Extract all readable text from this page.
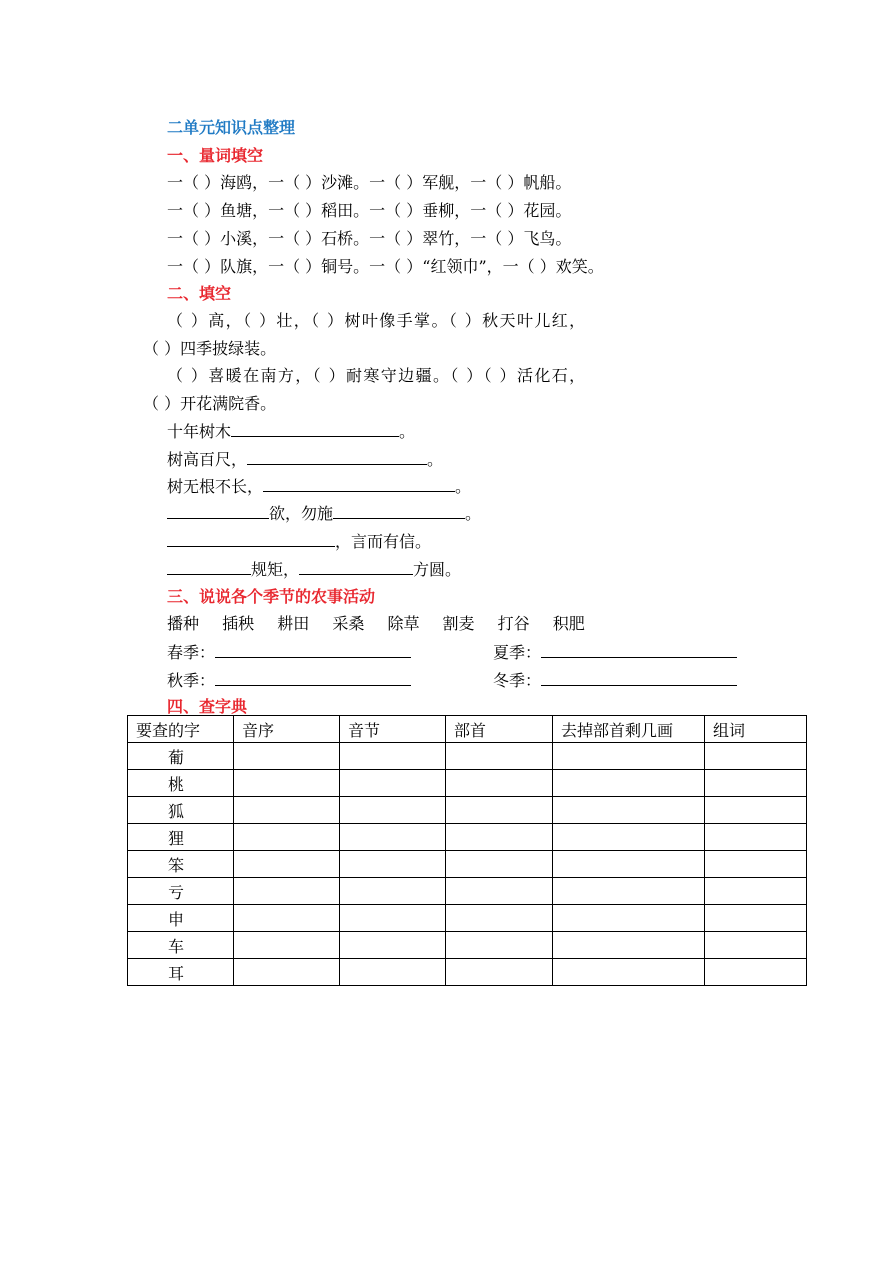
二单元知识点整理
一、量词填空
一（ ）海鸥，一（ ）沙滩。一（ ）军舰，一（ ）帆船。
一（ ）鱼塘，一（ ）稻田。一（ ）垂柳，一（ ）花园。
一（ ）小溪，一（ ）石桥。一（ ）翠竹，一（ ）飞鸟。
一（ ）队旗，一（ ）铜号。一（ ）“红领巾”，一（ ）欢笑。
二、填空
（ ）高，（ ）壮，（ ）树叶像手掌。（ ）秋天叶儿红，
（ ）四季披绿装。
（ ）喜暖在南方，（ ）耐寒守边疆。（ ）（ ）活化石，
（ ）开花满院香。
十年树木	。
树高百尺，	。
树无根不长，	。
欲，勿施	。
，言而有信。
规矩，	方圆。
三、说说各个季节的农事活动
播种 插秧 耕田 采桑 除草 割麦 打谷 积肥
春季：	夏季：
秋季：	冬季：
四、查字典
要查的字	音序	音节	部首	去掉部首剩几画	组词
葡					
桃					
狐					
狸					
笨					
亏					
申					
车					
耳					
